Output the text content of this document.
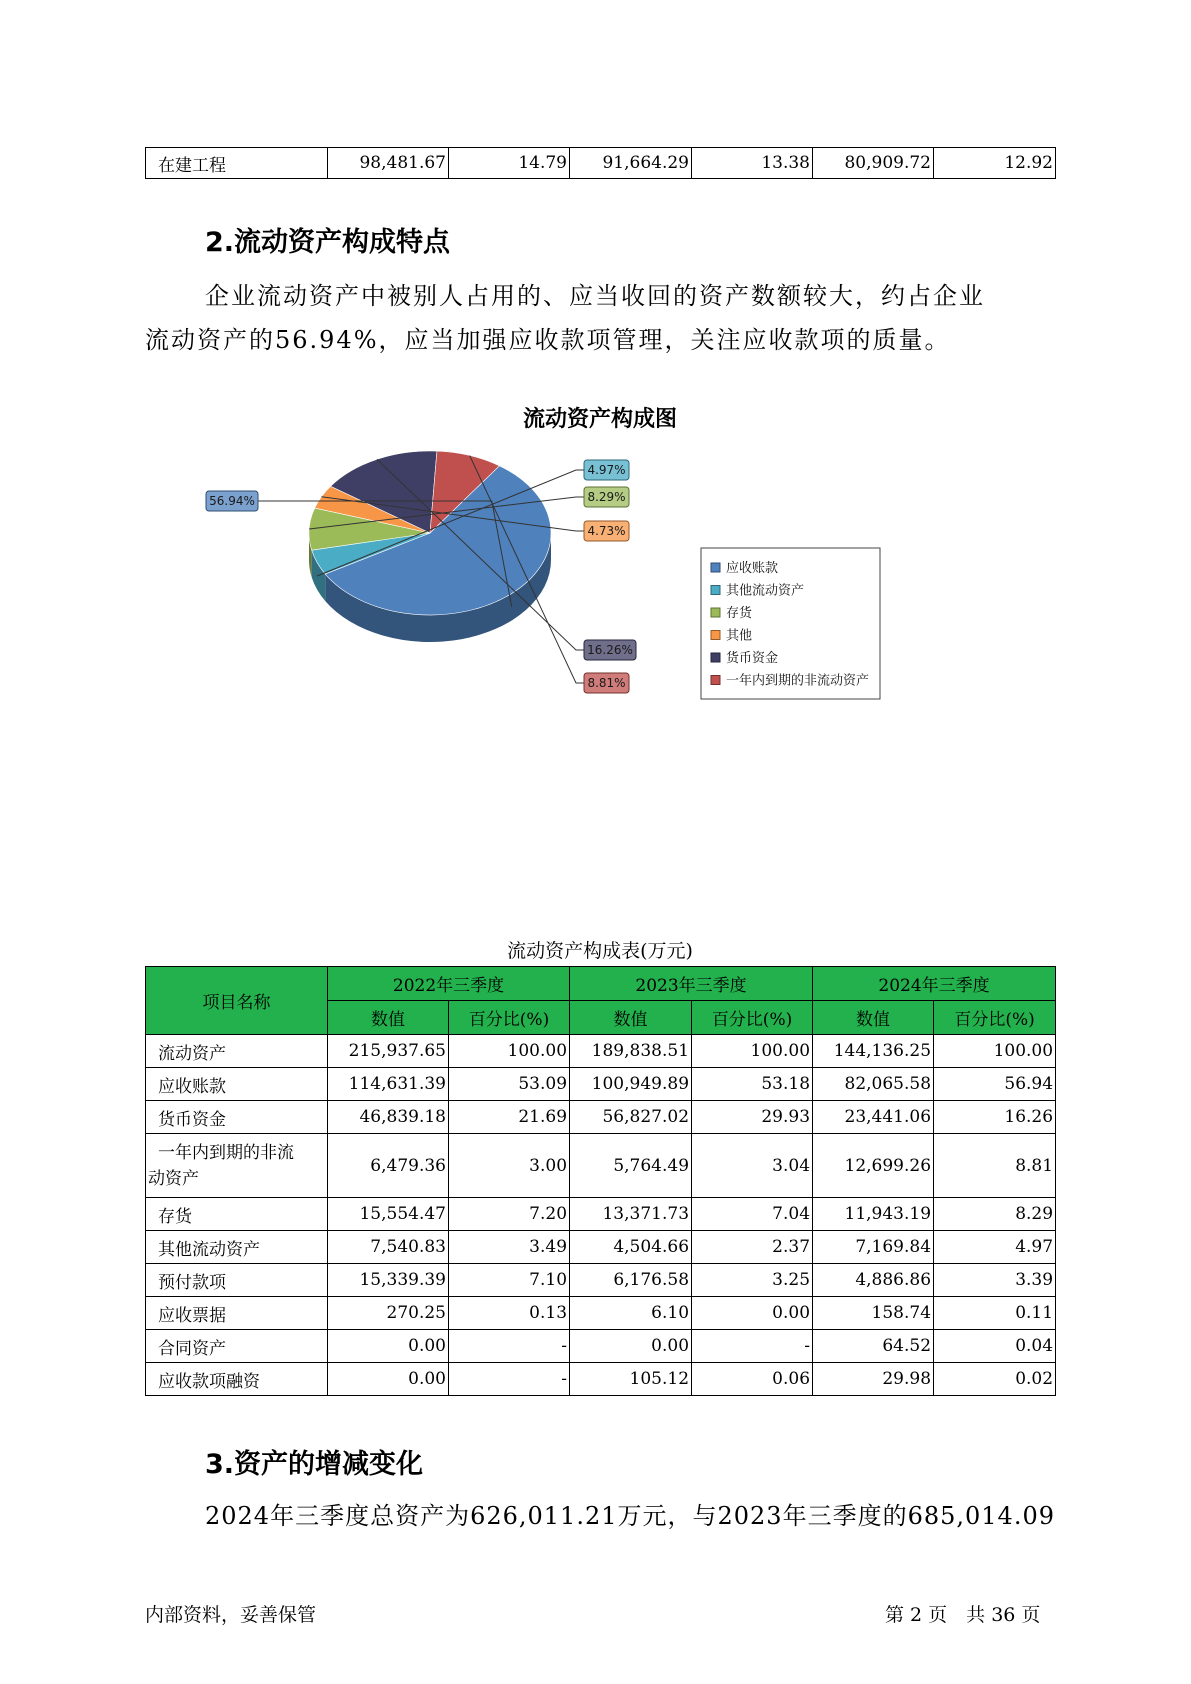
在建工程	98,481.67	14.79	91,664.29	13.38	80,909.72	12.92
2.流动资产构成特点
企业流动资产中被别人占用的、应当收回的资产数额较大，约占企业
流动资产的56.94%，应当加强应收款项管理，关注应收款项的质量。
流动资产构成图
56.94%
4.97%
8.29%
4.73%
16.26%
8.81%
应收账款
其他流动资产
存货
其他
货币资金
一年内到期的非流动资产
流动资产构成表(万元)
项目名称	2022年三季度		2023年三季度		2024年三季度	
	数值	百分比(%)	数值	百分比(%)	数值	百分比(%)
流动资产	215,937.65	100.00	189,838.51	100.00	144,136.25	100.00
应收账款	114,631.39	53.09	100,949.89	53.18	82,065.58	56.94
货币资金	46,839.18	21.69	56,827.02	29.93	23,441.06	16.26

一年内到期的非流
动资产	6,479.36	3.00	5,764.49	3.04	12,699.26	8.81
存货	15,554.47	7.20	13,371.73	7.04	11,943.19	8.29
其他流动资产	7,540.83	3.49	4,504.66	2.37	7,169.84	4.97
预付款项	15,339.39	7.10	6,176.58	3.25	4,886.86	3.39
应收票据	270.25	0.13	6.10	0.00	158.74	0.11
合同资产	0.00	-	0.00	-	64.52	0.04
应收款项融资	0.00	-	105.12	0.06	29.98	0.02
3.资产的增减变化
2024年三季度总资产为626,011.21万元，与2023年三季度的685,014.09
内部资料，妥善保管	第 2 页　共 36 页
